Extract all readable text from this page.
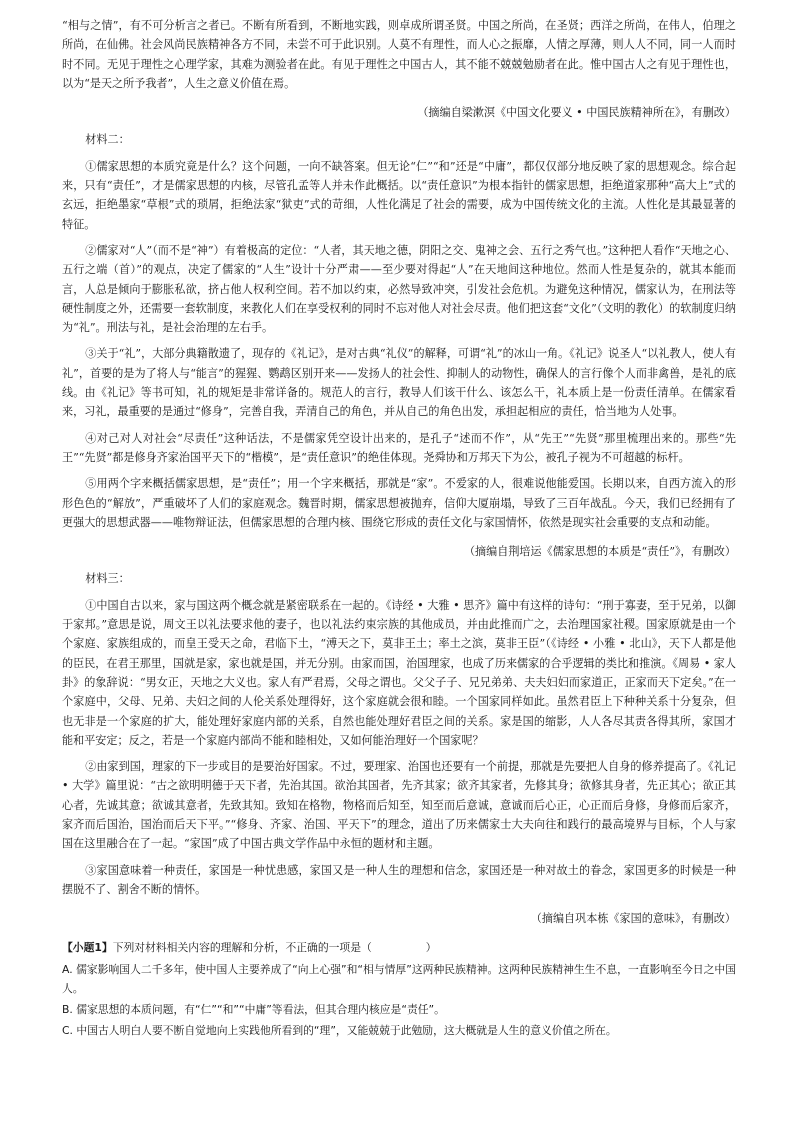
“相与之情”，有不可分析言之者已。不断有所看到，不断地实践，则卓成所谓圣贤。中国之所尚，在圣贤；西洋之所尚，在伟人，伯理之所尚，在仙佛。社会风尚民族精神各方不同，未尝不可于此识别。人莫不有理性，而人心之振靡，人情之厚薄，则人人不同，同一人而时时不同。无见于理性之心理学家，其难为测验者在此。有见于理性之中国古人，其不能不兢兢勉励者在此。惟中国古人之有见于理性也，以为“是天之所予我者”，人生之意义价值在焉。

（摘编自梁漱溟《中国文化要义 • 中国民族精神所在》，有删改）

材料二：

①儒家思想的本质究竟是什么？这个问题，一向不缺答案。但无论“仁”“和”还是“中庸”，都仅仅部分地反映了家的思想观念。综合起来，只有“责任”，才是儒家思想的内核，尽管孔孟等人并未作此概括。以“责任意识”为根本指针的儒家思想，拒绝道家那种“高大上”式的玄远，拒绝墨家“草根”式的琐屑，拒绝法家“狱吏”式的苛细，人性化满足了社会的需要，成为中国传统文化的主流。人性化是其最显著的特征。

②儒家对“人”（而不是“神”）有着极高的定位：“人者，其天地之德，阴阳之交、鬼神之会、五行之秀气也。”这种把人看作“天地之心、五行之端（首）”的观点，决定了儒家的“人生”设计十分严肃——至少要对得起“人”在天地间这种地位。然而人性是复杂的，就其本能而言，人总是倾向于膨胀私欲，挤占他人权利空间。若不加以约束，必然导致冲突，引发社会危机。为避免这种情况，儒家认为，在刑法等硬性制度之外，还需要一套软制度，来教化人们在享受权利的同时不忘对他人对社会尽责。他们把这套“文化”（文明的教化）的软制度归纳为“礼”。刑法与礼，是社会治理的左右手。

③关于“礼”，大部分典籍散遗了，现存的《礼记》，是对古典“礼仪”的解释，可谓“礼”的冰山一角。《礼记》说圣人“以礼教人，使人有礼”，首要的是为了将人与“能言”的猩猩、鹦鹉区别开来——发扬人的社会性、抑制人的动物性，确保人的言行像个人而非禽兽，是礼的底线。由《礼记》等书可知，礼的规矩是非常详备的。规范人的言行，教导人们该干什么、该怎么干，礼本质上是一份责任清单。在儒家看来，习礼，最重要的是通过“修身”，完善自我，弄清自己的角色，并从自己的角色出发，承担起相应的责任，恰当地为人处事。

④对己对人对社会“尽责任”这种话法，不是儒家凭空设计出来的，是孔子“述而不作”，从“先王”“先贤”那里梳理出来的。那些“先王”“先贤”都是修身齐家治国平天下的“楷模”，是“责任意识”的绝佳体现。尧舜协和万邦天下为公，被孔子视为不可超越的标杆。

⑤用两个字来概括儒家思想，是“责任”；用一个字来概括，那就是“家”。不爱家的人，很难说他能爱国。长期以来，自西方流入的形形色色的“解放”，严重破坏了人们的家庭观念。魏晋时期，儒家思想被抛弃，信仰大厦崩塌，导致了三百年战乱。今天，我们已经拥有了更强大的思想武器——唯物辩证法，但儒家思想的合理内核、围绕它形成的责任文化与家国情怀，依然是现实社会重要的支点和动能。

（摘编自荆培运《儒家思想的本质是“责任”》，有删改）

材料三：

①中国自古以来，家与国这两个概念就是紧密联系在一起的。《诗经 • 大雅 • 思齐》篇中有这样的诗句：“刑于寡妻，至于兄弟，以御于家邦。”意思是说，周文王以礼法要求他的妻子，也以礼法约束宗族的其他成员，并由此推而广之，去治理国家社稷。国家原就是由一个个家庭、家族组成的，而皇王受天之命，君临下土，“溥天之下，莫非王土；率土之滨，莫非王臣”（《诗经 • 小雅 • 北山》，天下人都是他的臣民，在君王那里，国就是家，家也就是国，并无分别。由家而国，治国理家，也成了历来儒家的合乎逻辑的类比和推演。《周易 • 家人卦》的象辞说：“男女正，天地之大义也。家人有严君焉，父母之谓也。父父子子、兄兄弟弟、夫夫妇妇而家道正，正家而天下定矣。”在一个家庭中，父母、兄弟、夫妇之间的人伦关系处理得好，这个家庭就会很和睦。一个国家同样如此。虽然君臣上下种种关系十分复杂，但也无非是一个家庭的扩大，能处理好家庭内部的关系，自然也能处理好君臣之间的关系。家是国的缩影，人人各尽其责各得其所，家国才能和平安定；反之，若是一个家庭内部尚不能和睦相处，又如何能治理好一个国家呢？

②由家到国，理家的下一步或目的是要治好国家。不过，要理家、治国也还要有一个前提，那就是先要把人自身的修养提高了。《礼记 • 大学》篇里说：“古之欲明明德于天下者，先治其国。欲治其国者，先齐其家；欲齐其家者，先修其身；欲修其身者，先正其心；欲正其心者，先诚其意；欲诚其意者，先致其知。致知在格物，物格而后知至，知至而后意诚，意诚而后心正，心正而后身修，身修而后家齐，家齐而后国治，国治而后天下平。”“修身、齐家、治国、平天下”的理念，道出了历来儒家士大夫向往和践行的最高境界与目标，个人与家国在这里融合在了一起。“家国”成了中国古典文学作品中永恒的题材和主题。

③家国意味着一种责任，家国是一种忧患感，家国又是一种人生的理想和信念，家国还是一种对故土的眷念，家国更多的时候是一种摆脱不了、割舍不断的情怀。

（摘编自巩本栋《家国的意味》，有删改）

【小题1】下列对材料相关内容的理解和分析，不正确的一项是（　　　　　）

A. 儒家影响国人二千多年，使中国人主要养成了“向上心强”和“相与情厚”这两种民族精神。这两种民族精神生生不息，一直影响至今日之中国人。

B. 儒家思想的本质问题，有“仁”“和”“中庸”等看法，但其合理内核应是“责任”。

C. 中国古人明白人要不断自觉地向上实践他所看到的“理”，又能兢兢于此勉励，这大概就是人生的意义价值之所在。
